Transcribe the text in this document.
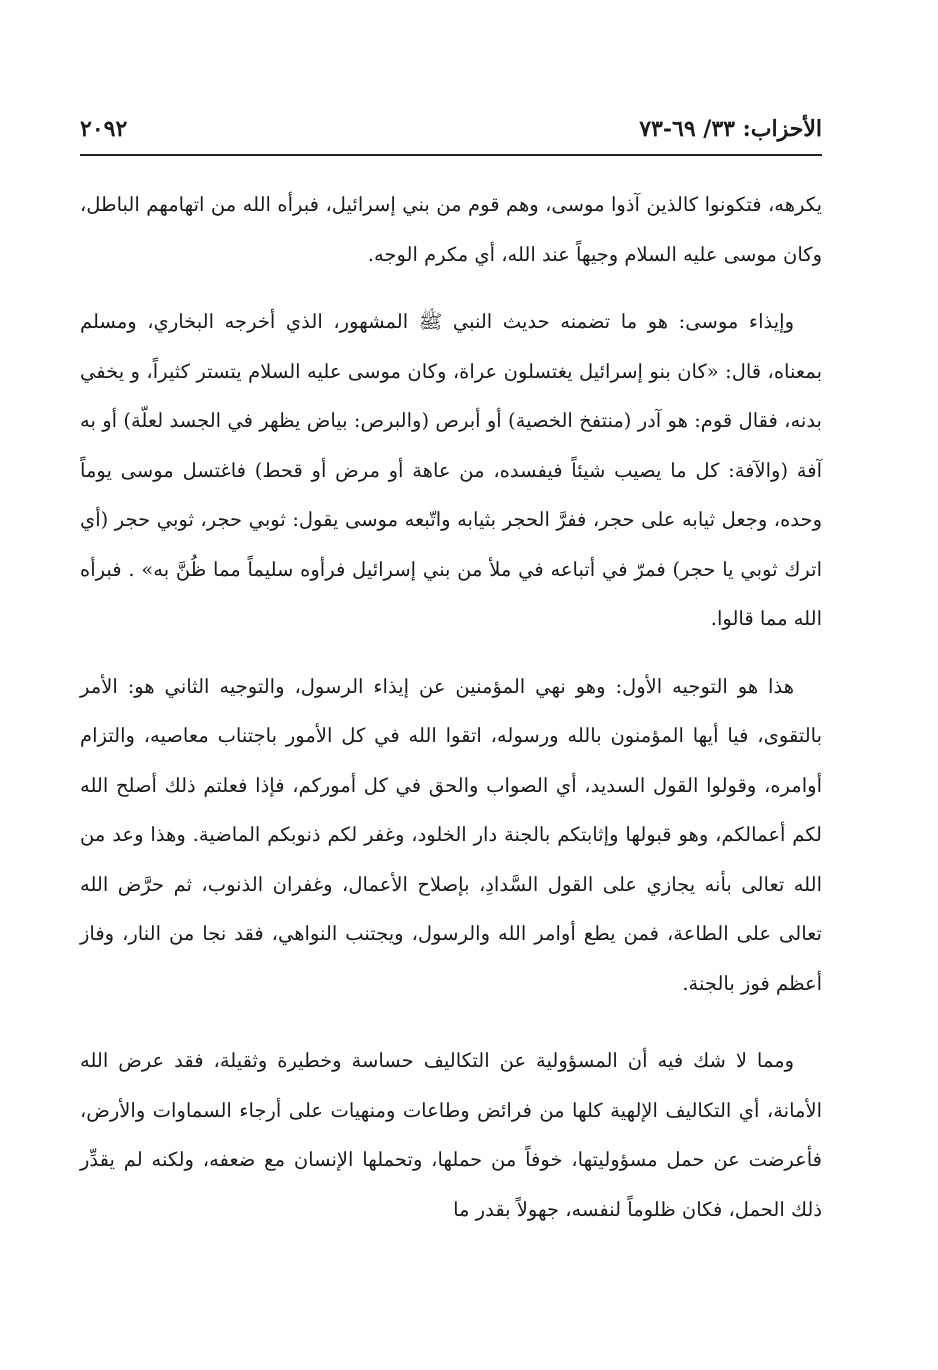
الأحزاب: ٣٣/ ٦٩-٧٣
٢٠٩٢

يكرهه، فتكونوا كالذين آذوا موسى، وهم قوم من بني إسرائيل، فبرأه الله من اتهامهم الباطل، وكان موسى عليه السلام وجيهاً عند الله، أي مكرم الوجه.

وإيذاء موسى: هو ما تضمنه حديث النبي ﷺ المشهور، الذي أخرجه البخاري، ومسلم بمعناه، قال: «كان بنو إسرائيل يغتسلون عراة، وكان موسى عليه السلام يتستر كثيراً، و يخفي بدنه، فقال قوم: هو آدر (منتفخ الخصية) أو أبرص (والبرص: بياض يظهر في الجسد لعلّة) أو به آفة (والآفة: كل ما يصيب شيئاً فيفسده، من عاهة أو مرض أو قحط) فاغتسل موسى يوماً وحده، وجعل ثيابه على حجر، ففرَّ الحجر بثيابه واتّبعه موسى يقول: ثوبي حجر، ثوبي حجر (أي اترك ثوبي يا حجر) فمرّ في أتباعه في ملأ من بني إسرائيل فرأوه سليماً مما ظُنَّ به» . فبرأه الله مما قالوا.

هذا هو التوجيه الأول: وهو نهي المؤمنين عن إيذاء الرسول، والتوجيه الثاني هو: الأمر بالتقوى، فيا أيها المؤمنون بالله ورسوله، اتقوا الله في كل الأمور باجتناب معاصيه، والتزام أوامره، وقولوا القول السديد، أي الصواب والحق في كل أموركم، فإذا فعلتم ذلك أصلح الله لكم أعمالكم، وهو قبولها وإثابتكم بالجنة دار الخلود، وغفر لكم ذنوبكم الماضية. وهذا وعد من الله تعالى بأنه يجازي على القول السَّدادِ، بإصلاح الأعمال، وغفران الذنوب، ثم حرَّض الله تعالى على الطاعة، فمن يطع أوامر الله والرسول، ويجتنب النواهي، فقد نجا من النار، وفاز أعظم فوز بالجنة.

ومما لا شك فيه أن المسؤولية عن التكاليف حساسة وخطيرة وثقيلة، فقد عرض الله الأمانة، أي التكاليف الإلهية كلها من فرائض وطاعات ومنهيات على أرجاء السماوات والأرض، فأعرضت عن حمل مسؤوليتها، خوفاً من حملها، وتحملها الإنسان مع ضعفه، ولكنه لم يقدِّر ذلك الحمل، فكان ظلوماً لنفسه، جهولاً بقدر ما
